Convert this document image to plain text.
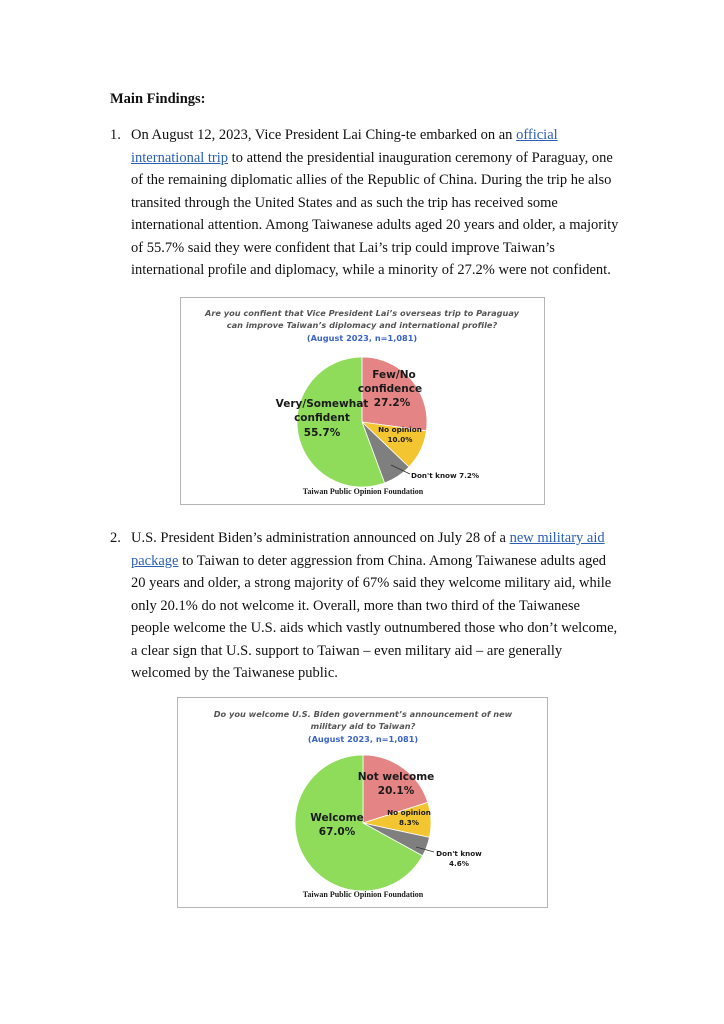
Main Findings:
1. On August 12, 2023, Vice President Lai Ching-te embarked on an official international trip to attend the presidential inauguration ceremony of Paraguay, one of the remaining diplomatic allies of the Republic of China. During the trip he also transited through the United States and as such the trip has received some international attention. Among Taiwanese adults aged 20 years and older, a majority of 55.7% said they were confident that Lai’s trip could improve Taiwan’s international profile and diplomacy, while a minority of 27.2% were not confident.
Are you confient that Vice President Lai’s overseas trip to Paraguay
can improve Taiwan’s diplomacy and international profile?
(August 2023, n=1,081)
Few/No
confidence
27.2%
No opinion
10.0%
Don't know 7.2%
Very/Somewhat
confident
55.7%
Taiwan Public Opinion Foundation
2. U.S. President Biden’s administration announced on July 28 of a new military aid package to Taiwan to deter aggression from China. Among Taiwanese adults aged 20 years and older, a strong majority of 67% said they welcome military aid, while only 20.1% do not welcome it. Overall, more than two third of the Taiwanese people welcome the U.S. aids which vastly outnumbered those who don’t welcome, a clear sign that U.S. support to Taiwan – even military aid – are generally welcomed by the Taiwanese public.
Do you welcome U.S. Biden government’s announcement of new
military aid to Taiwan?
(August 2023, n=1,081)
Not welcome
20.1%
No opinion
8.3%
Don't know
4.6%
Welcome
67.0%
Taiwan Public Opinion Foundation
